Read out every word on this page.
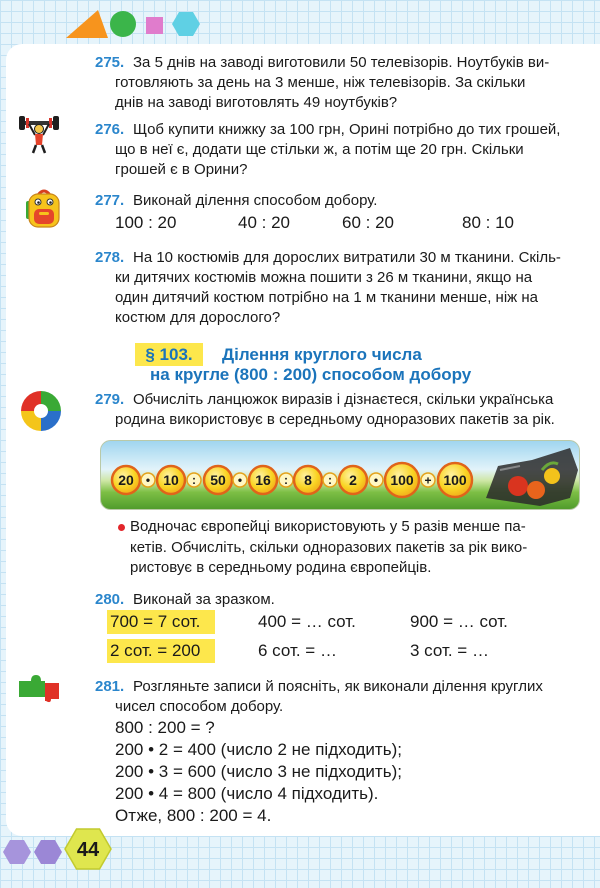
275. За 5 днів на заводі виготовили 50 телевізорів. Ноутбуків ви-
готовляють за день на 3 менше, ніж телевізорів. За скільки
днів на заводі виготовлять 49 ноутбуків?
276. Щоб купити книжку за 100 грн, Орині потрібно до тих грошей,
що в неї є, додати ще стільки ж, а потім ще 20 грн. Скільки
грошей є в Орини?
277. Виконай ділення способом добору.
100 : 20	40 : 20	60 : 20	80 : 10
278. На 10 костюмів для дорослих витратили 30 м тканини. Скіль-
ки дитячих костюмів можна пошити з 26 м тканини, якщо на
один дитячий костюм потрібно на 1 м тканини менше, ніж на
костюм для дорослого?
§ 103.	Ділення круглого числа
на кругле (800 : 200) способом добору
279. Обчисліть ланцюжок виразів і дізнаєтеся, скільки українська
родина використовує в середньому одноразових пакетів за рік.
20 • 10 : 50 • 16 : 8 : 2 • 100 + 100
Водночас європейці використовують у 5 разів менше па-
кетів. Обчисліть, скільки одноразових пакетів за рік вико-
ристовує в середньому родина європейців.
280. Виконай за зразком.
700 = 7 сот.	400 = … сот.	900 = … сот.
2 сот. = 200	6 сот. = …	3 сот. = …
281. Розгляньте записи й поясніть, як виконали ділення круглих
чисел способом добору.
800 : 200 = ?
200 • 2 = 400 (число 2 не підходить);
200 • 3 = 600 (число 3 не підходить);
200 • 4 = 800 (число 4 підходить).
Отже, 800 : 200 = 4.
44
